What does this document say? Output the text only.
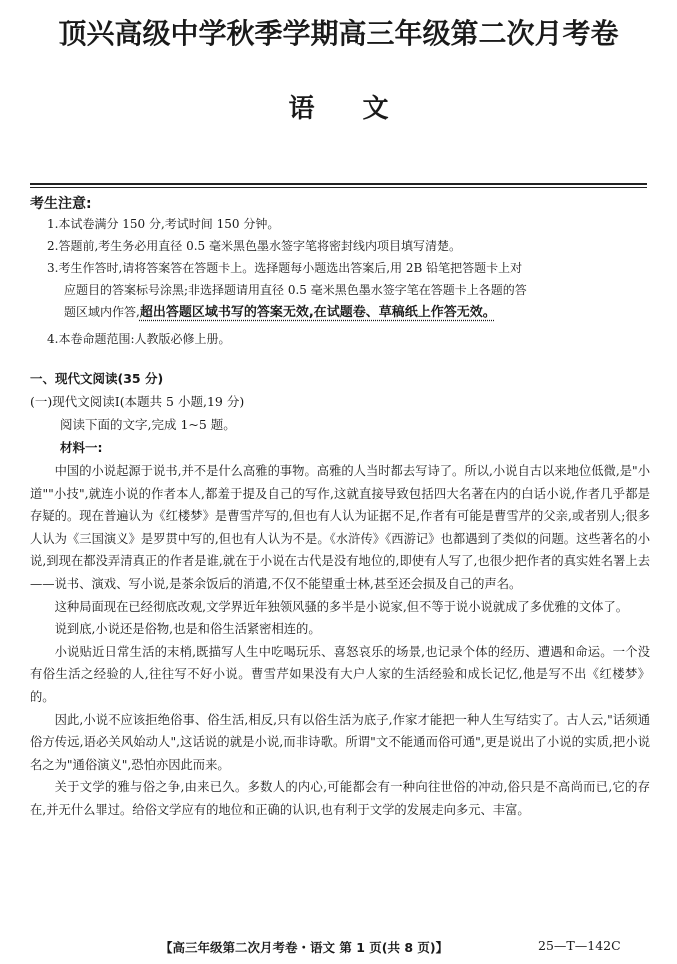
顶兴高级中学秋季学期高三年级第二次月考卷
语文
考生注意:
1.本试卷满分 150 分,考试时间 150 分钟。
2.答题前,考生务必用直径 0.5 毫米黑色墨水签字笔将密封线内项目填写清楚。
3.考生作答时,请将答案答在答题卡上。选择题每小题选出答案后,用 2B 铅笔把答题卡上对
应题目的答案标号涂黑;非选择题请用直径 0.5 毫米黑色墨水签字笔在答题卡上各题的答
题区域内作答,超出答题区域书写的答案无效,在试题卷、草稿纸上作答无效。
4.本卷命题范围:人教版必修上册。
一、现代文阅读(35 分)
(一)现代文阅读Ⅰ(本题共 5 小题,19 分)
阅读下面的文字,完成 1~5 题。
材料一:

中国的小说起源于说书,并不是什么高雅的事物。高雅的人当时都去写诗了。所以,小说自古以来地位低微,是"小道""小技",就连小说的作者本人,都羞于提及自己的写作,这就直接导致包括四大名著在内的白话小说,作者几乎都是存疑的。现在普遍认为《红楼梦》是曹雪芹写的,但也有人认为证据不足,作者有可能是曹雪芹的父亲,或者别人;很多人认为《三国演义》是罗贯中写的,但也有人认为不是。《水浒传》《西游记》也都遇到了类似的问题。这些著名的小说,到现在都没弄清真正的作者是谁,就在于小说在古代是没有地位的,即使有人写了,也很少把作者的真实姓名署上去——说书、演戏、写小说,是茶余饭后的消遣,不仅不能望重士林,甚至还会损及自己的声名。

这种局面现在已经彻底改观,文学界近年独领风骚的多半是小说家,但不等于说小说就成了多优雅的文体了。

说到底,小说还是俗物,也是和俗生活紧密相连的。

小说贴近日常生活的末梢,既描写人生中吃喝玩乐、喜怒哀乐的场景,也记录个体的经历、遭遇和命运。一个没有俗生活之经验的人,往往写不好小说。曹雪芹如果没有大户人家的生活经验和成长记忆,他是写不出《红楼梦》的。

因此,小说不应该拒绝俗事、俗生活,相反,只有以俗生活为底子,作家才能把一种人生写结实了。古人云,"话须通俗方传远,语必关风始动人",这话说的就是小说,而非诗歌。所谓"文不能通而俗可通",更是说出了小说的实质,把小说名之为"通俗演义",恐怕亦因此而来。

关于文学的雅与俗之争,由来已久。多数人的内心,可能都会有一种向往世俗的冲动,俗只是不高尚而已,它的存在,并无什么罪过。给俗文学应有的地位和正确的认识,也有利于文学的发展走向多元、丰富。

【高三年级第二次月考卷・语文 第 1 页(共 8 页)】	25—T—142C
